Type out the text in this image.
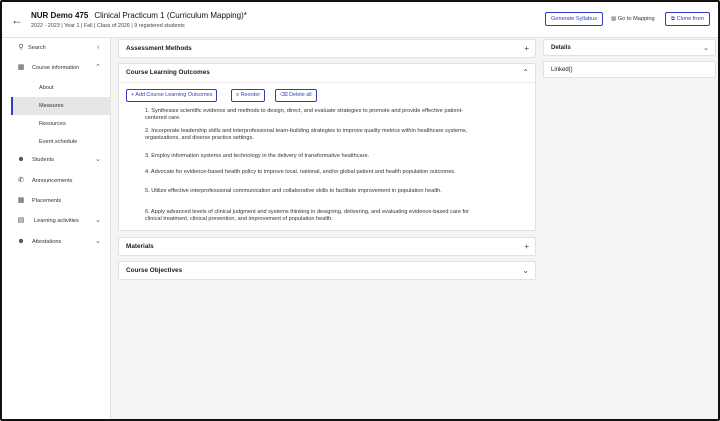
← NUR Demo 475 Clinical Practicum 1 (Curriculum Mapping)*
2022 - 2023 | Year 1 | Fall | Class of 2026 | 9 registered students
Generate Syllabus	▩ Go to Mapping	⧉ Clone from
⚲ Search	‹
▦	Course information ⌃
About
Measures
Resources
Event schedule
☻ Students	⌄
✆	Announcements
▦	Placements
▤	Learning activities ⌄
☻ Attestations	⌄
Assessment Methods	+
Course Learning Outcomes	⌃
+ Add Course Learning Outcomes	≡ Reorder	⌫ Delete all
1. Synthesize scientific evidence and methods to design, direct, and evaluate strategies to promote and provide effective patient-centered care.
2. Incorporate leadership skills and interprofessional team-building strategies to improve quality metrics within healthcare systems, organizations, and diverse practice settings.
3. Employ information systems and technology in the delivery of transformative healthcare.
4. Advocate for evidence-based health policy to improve local, national, and/or global patient and health population outcomes.
5. Utilize effective interprofessional communication and collaborative skills to facilitate improvement in population health.
6. Apply advanced levels of clinical judgment and systems thinking in designing, delivering, and evaluating evidence-based care for clinical treatment, clinical prevention, and improvement of population health.
Materials	+
Course Objectives	⌄
Details	⌄
Linked()
